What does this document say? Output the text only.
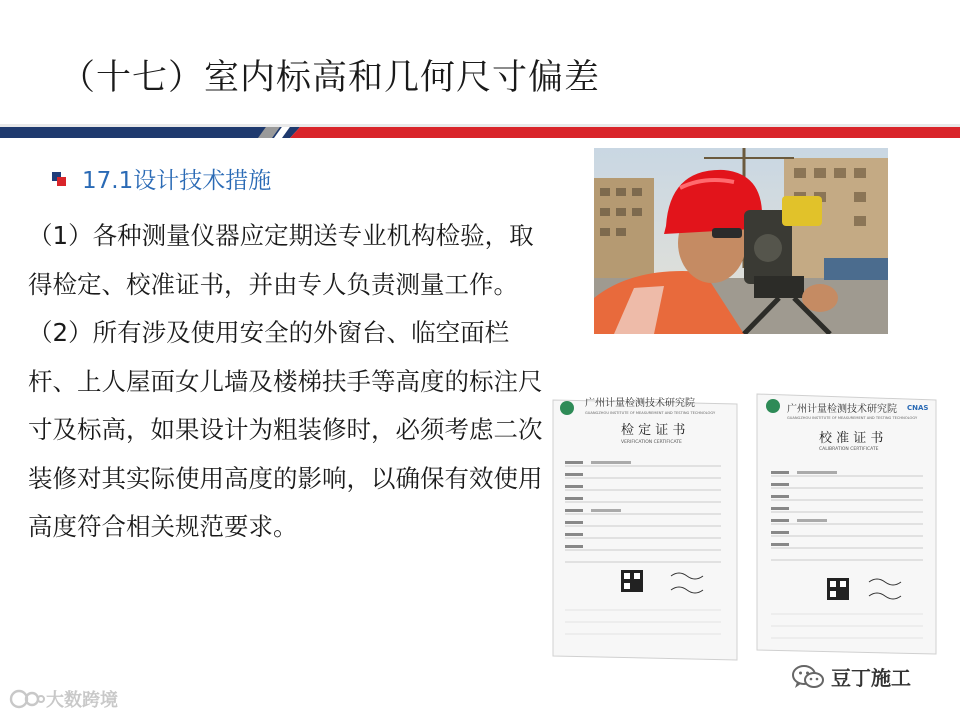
（十七）室内标高和几何尺寸偏差
17.1设计技术措施

（1）各种测量仪器应定期送专业机构检验，取得检定、校准证书，并由专人负责测量工作。

（2）所有涉及使用安全的外窗台、临空面栏杆、上人屋面女儿墙及楼梯扶手等高度的标注尺寸及标高，如果设计为粗装修时，必须考虑二次装修对其实际使用高度的影响，以确保有效使用高度符合相关规范要求。

广州计量检测技术研究院
GUANGZHOU INSTITUTE OF MEASUREMENT AND TESTING TECHNOLOGY
检 定 证 书
VERIFICATION CERTIFICATE
广州计量检测技术研究院
GUANGZHOU INSTITUTE OF MEASUREMENT AND TESTING TECHNOLOGY
CNAS
校 准 证 书
CALIBRATION CERTIFICATE
豆丁施工
大数跨境
